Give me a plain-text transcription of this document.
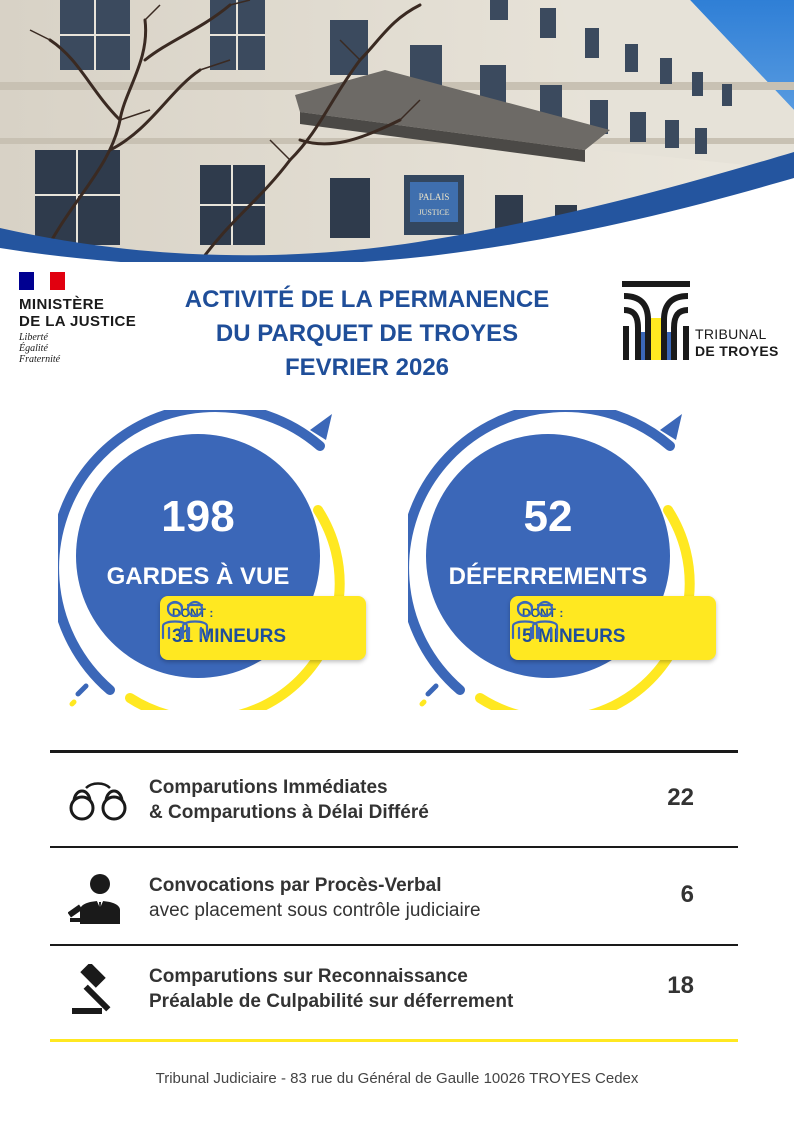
PALAIS
JUSTICE
MINISTÈRE
DE LA JUSTICE
Liberté
Égalité
Fraternité
ACTIVITÉ DE LA PERMANENCE
DU PARQUET DE TROYES
FEVRIER 2026
TRIBUNAL
DE TROYES
198
GARDES À VUE
DONT :
31 MINEURS
52
DÉFERREMENTS
DONT :
5 MINEURS
Comparutions Immédiates
& Comparutions à Délai Différé
22
Convocations par Procès-Verbal
avec placement sous contrôle judiciaire
6
Comparutions sur Reconnaissance
Préalable de Culpabilité sur déferrement
18
Tribunal Judiciaire - 83 rue du Général de Gaulle 10026 TROYES Cedex
